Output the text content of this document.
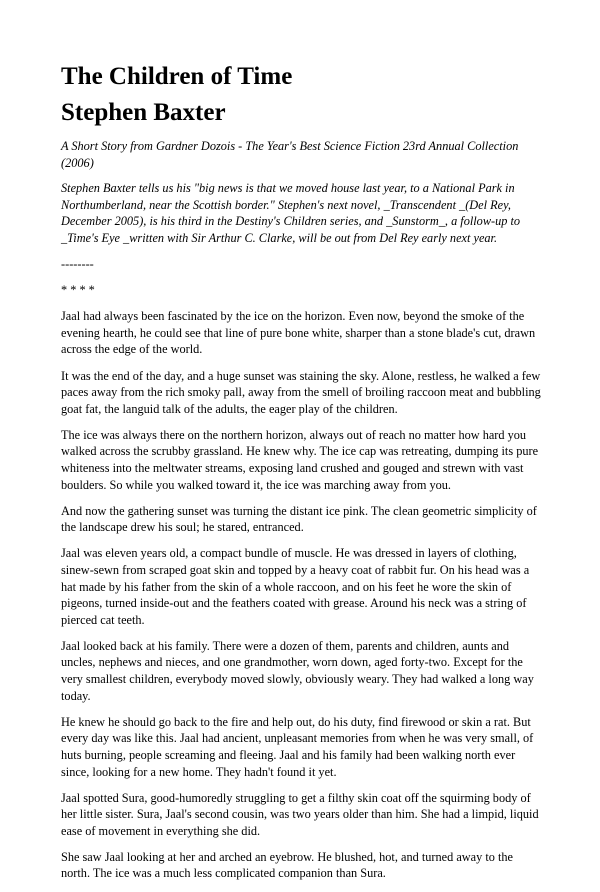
The Children of Time
Stephen Baxter

A Short Story from Gardner Dozois - The Year's Best Science Fiction 23rd Annual Collection (2006)

Stephen Baxter tells us his "big news is that we moved house last year, to a National Park in Northumberland, near the Scottish border." Stephen's next novel, _Transcendent _(Del Rey, December 2005), is his third in the Destiny's Children series, and _Sunstorm_, a follow-up to _Time's Eye _written with Sir Arthur C. Clarke, will be out from Del Rey early next year.

--------

* * * *

Jaal had always been fascinated by the ice on the horizon. Even now, beyond the smoke of the evening hearth, he could see that line of pure bone white, sharper than a stone blade's cut, drawn across the edge of the world.

It was the end of the day, and a huge sunset was staining the sky. Alone, restless, he walked a few paces away from the rich smoky pall, away from the smell of broiling raccoon meat and bubbling goat fat, the languid talk of the adults, the eager play of the children.

The ice was always there on the northern horizon, always out of reach no matter how hard you walked across the scrubby grassland. He knew why. The ice cap was retreating, dumping its pure whiteness into the meltwater streams, exposing land crushed and gouged and strewn with vast boulders. So while you walked toward it, the ice was marching away from you.

And now the gathering sunset was turning the distant ice pink. The clean geometric simplicity of the landscape drew his soul; he stared, entranced.

Jaal was eleven years old, a compact bundle of muscle. He was dressed in layers of clothing, sinew-sewn from scraped goat skin and topped by a heavy coat of rabbit fur. On his head was a hat made by his father from the skin of a whole raccoon, and on his feet he wore the skin of pigeons, turned inside-out and the feathers coated with grease. Around his neck was a string of pierced cat teeth.

Jaal looked back at his family. There were a dozen of them, parents and children, aunts and uncles, nephews and nieces, and one grandmother, worn down, aged forty-two. Except for the very smallest children, everybody moved slowly, obviously weary. They had walked a long way today.

He knew he should go back to the fire and help out, do his duty, find firewood or skin a rat. But every day was like this. Jaal had ancient, unpleasant memories from when he was very small, of huts burning, people screaming and fleeing. Jaal and his family had been walking north ever since, looking for a new home. They hadn't found it yet.

Jaal spotted Sura, good-humoredly struggling to get a filthy skin coat off the squirming body of her little sister. Sura, Jaal's second cousin, was two years older than him. She had a limpid, liquid ease of movement in everything she did.

She saw Jaal looking at her and arched an eyebrow. He blushed, hot, and turned away to the north. The ice was a much less complicated companion than Sura.
